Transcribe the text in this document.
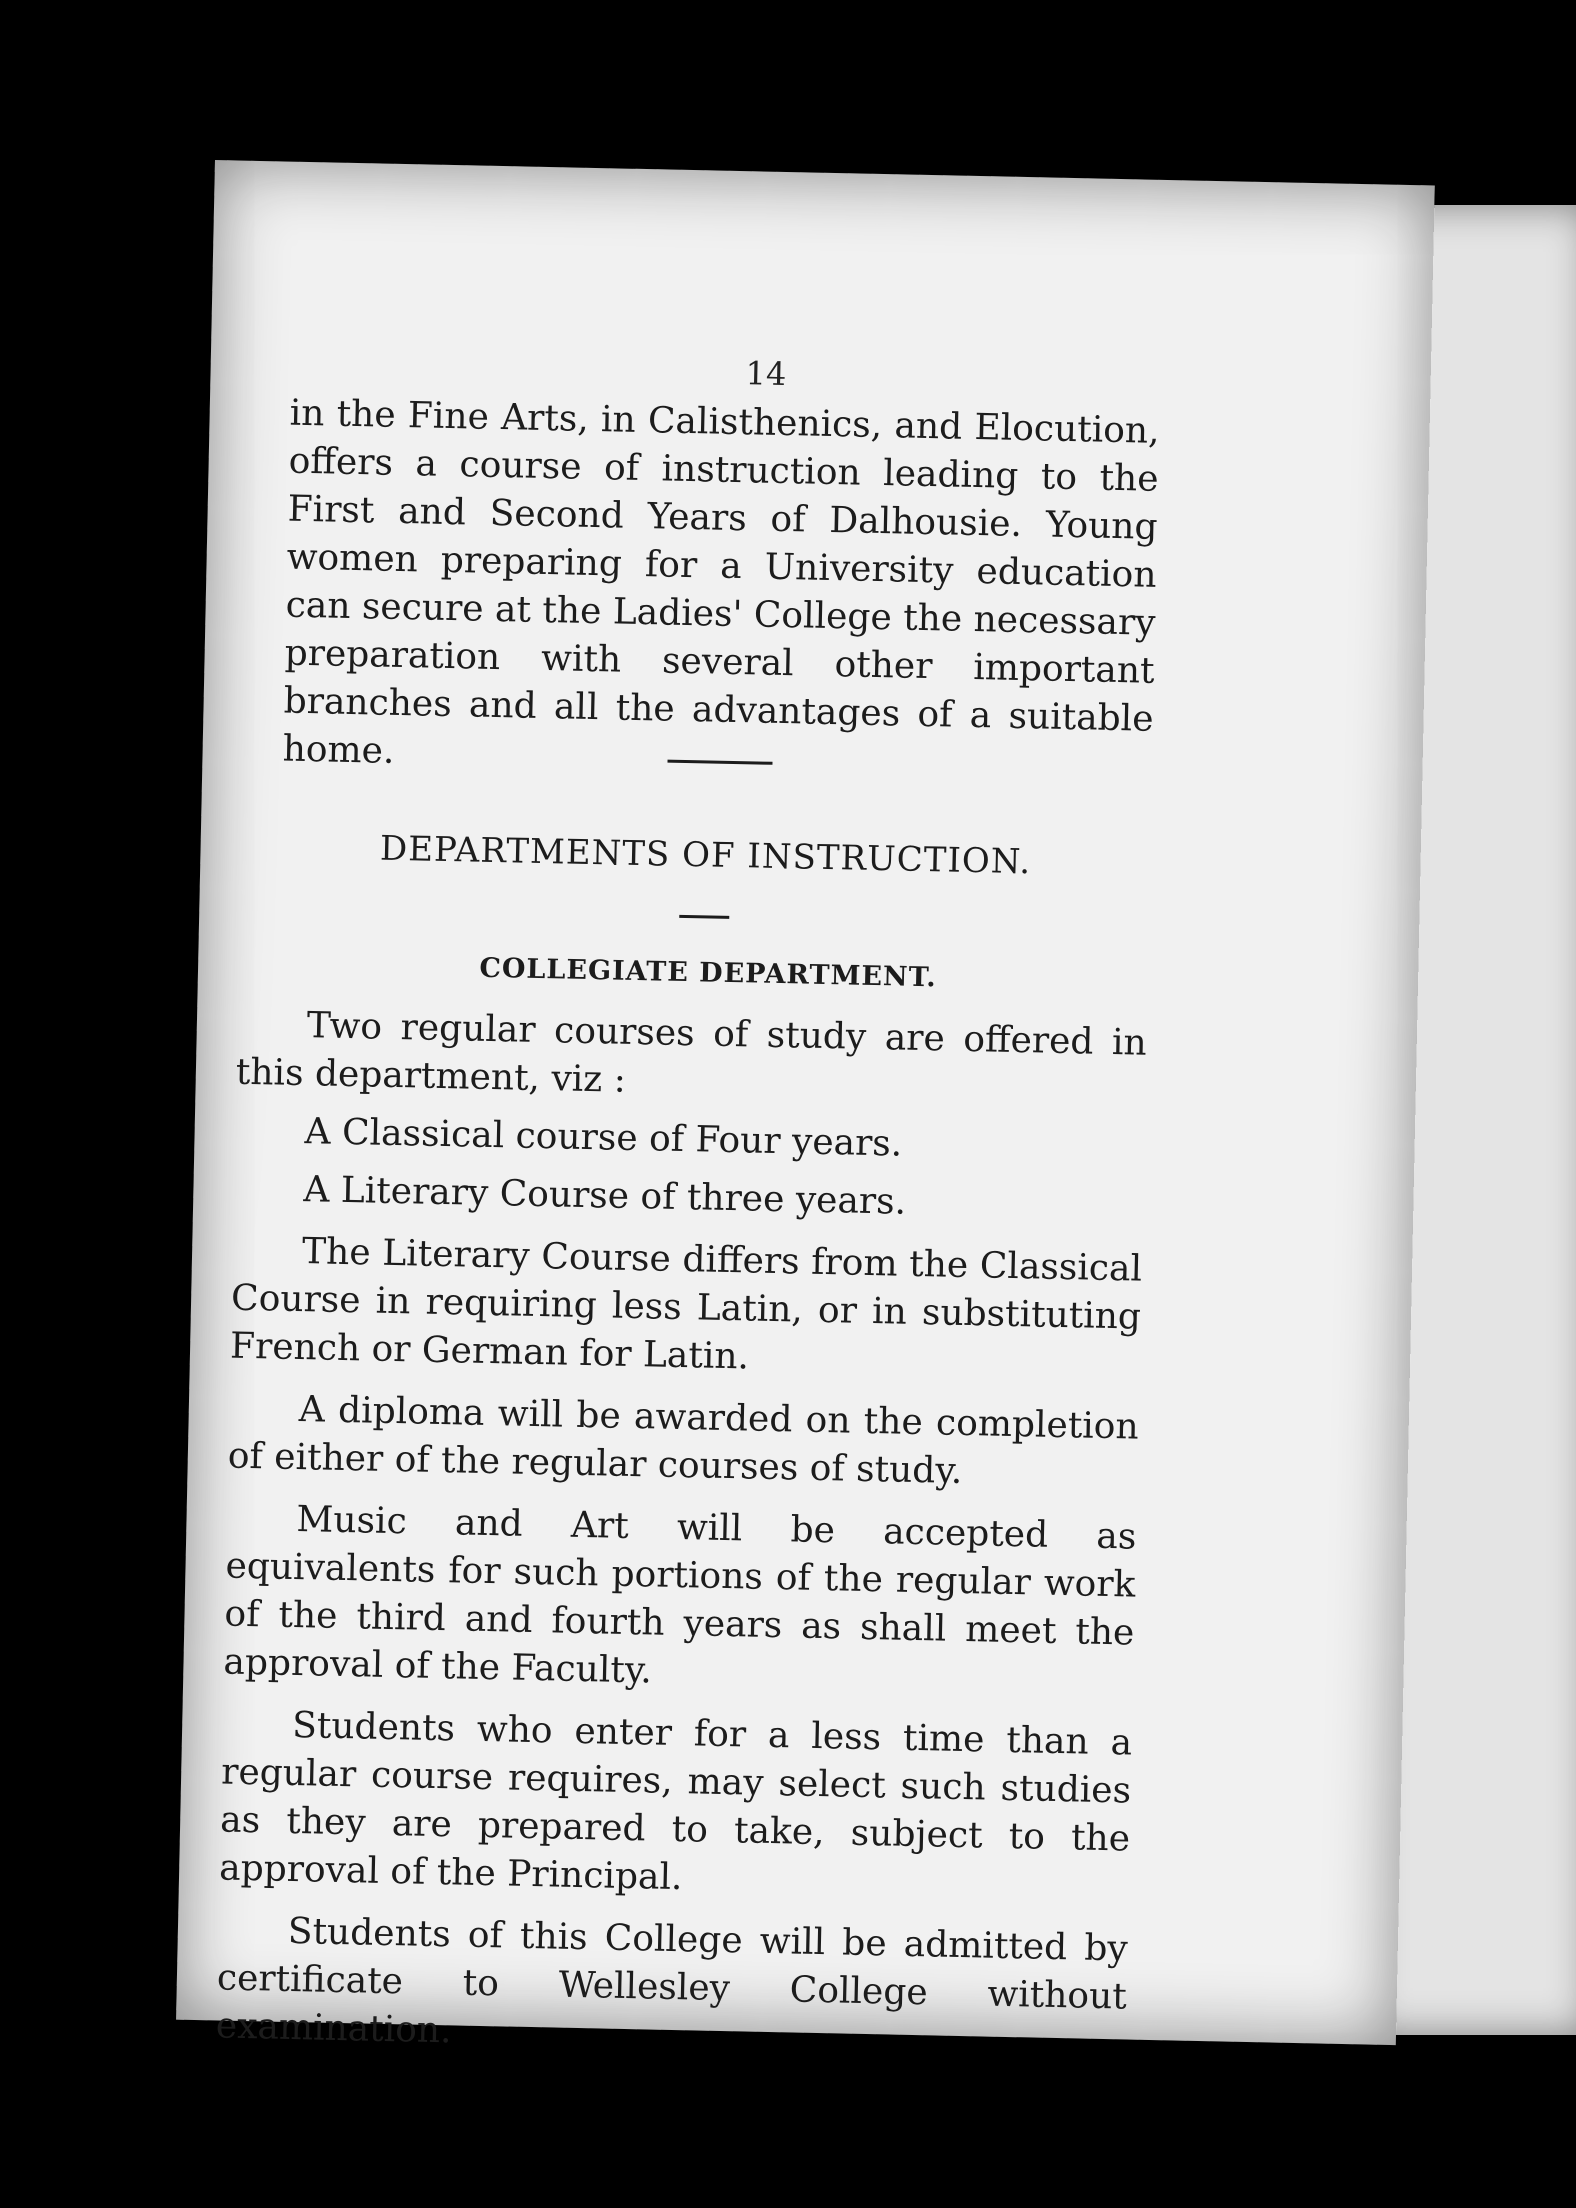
14
in the Fine Arts, in Calisthenics, and Elocution, offers a course of instruction leading to the First and Second Years of Dalhousie. Young women preparing for a University education can secure at the Ladies' College the necessary preparation with several other important branches and all the advantages of a suitable home.
DEPARTMENTS OF INSTRUCTION.
COLLEGIATE DEPARTMENT.

Two regular courses of study are offered in this department, viz :

A Classical course of Four years.

A Literary Course of three years.

The Literary Course differs from the Classical Course in requiring less Latin, or in substituting French or German for Latin.

A diploma will be awarded on the completion of either of the regular courses of study.

Music and Art will be accepted as equivalents for such portions of the regular work of the third and fourth years as shall meet the approval of the Faculty.

Students who enter for a less time than a regular course requires, may select such studies as they are prepared to take, subject to the approval of the Principal.

Students of this College will be admitted by certificate to Wellesley College without examination.
